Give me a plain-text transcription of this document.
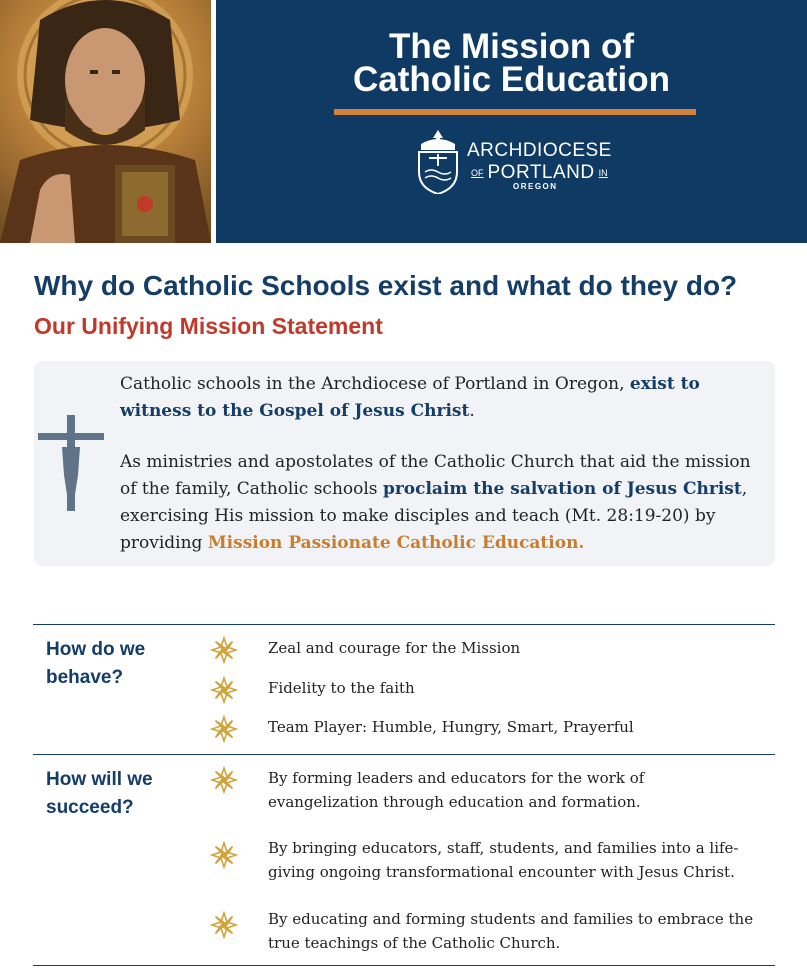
The Mission of
Catholic Education
ARCHDIOCESE
OF PORTLAND IN
OREGON
Why do Catholic Schools exist and what do they do?
Our Unifying Mission Statement

Catholic schools in the Archdiocese of Portland in Oregon, exist to witness to the Gospel of Jesus Christ.

As ministries and apostolates of the Catholic Church that aid the mission of the family, Catholic schools proclaim the salvation of Jesus Christ, exercising His mission to make disciples and teach (Mt. 28:19-20) by providing Mission Passionate Catholic Education.

How do we
behave?
Zeal and courage for the Mission
Fidelity to the faith
Team Player: Humble, Hungry, Smart, Prayerful
How will we
succeed?
By forming leaders and educators for the work of evangelization through education and formation.
By bringing educators, staff, students, and families into a life-giving ongoing transformational encounter with Jesus Christ.
By educating and forming students and families to embrace the true teachings of the Catholic Church.
